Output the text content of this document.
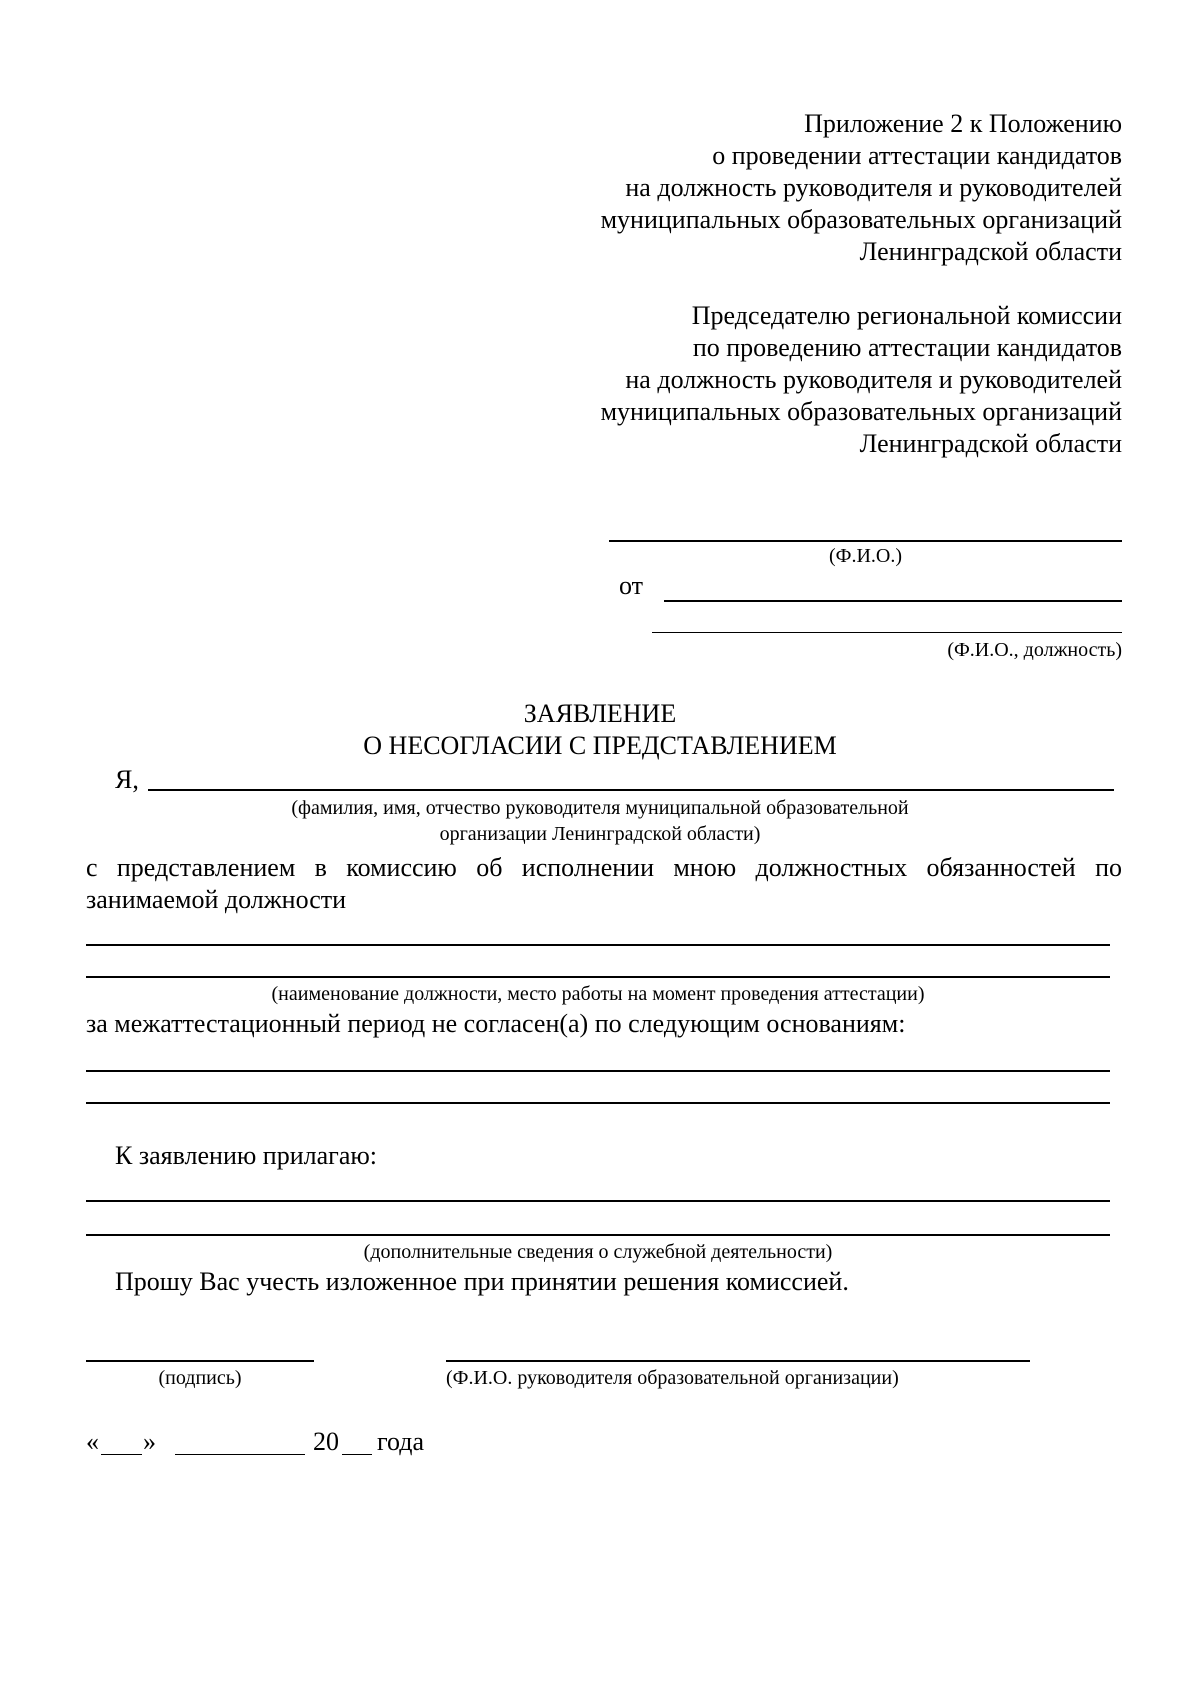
Приложение 2 к Положению
о проведении аттестации кандидатов
на должность руководителя и руководителей
муниципальных образовательных организаций
Ленинградской области
Председателю региональной комиссии
по проведению аттестации кандидатов
на должность руководителя и руководителей
муниципальных образовательных организаций
Ленинградской области
(Ф.И.О.)
от
(Ф.И.О., должность)
ЗАЯВЛЕНИЕ
О НЕСОГЛАСИИ С ПРЕДСТАВЛЕНИЕМ
Я,
(фамилия, имя, отчество руководителя муниципальной образовательной
организации Ленинградской области)
с представлением в комиссию об исполнении мною должностных обязанностей по
занимаемой должности
(наименование должности, место работы на момент проведения аттестации)
за межаттестационный период не согласен(а) по следующим основаниям:
К заявлению прилагаю:
(дополнительные сведения о служебной деятельности)
Прошу Вас учесть изложенное при принятии решения комиссией.
(подпись)	(Ф.И.О. руководителя образовательной организации)
« »	20 года
